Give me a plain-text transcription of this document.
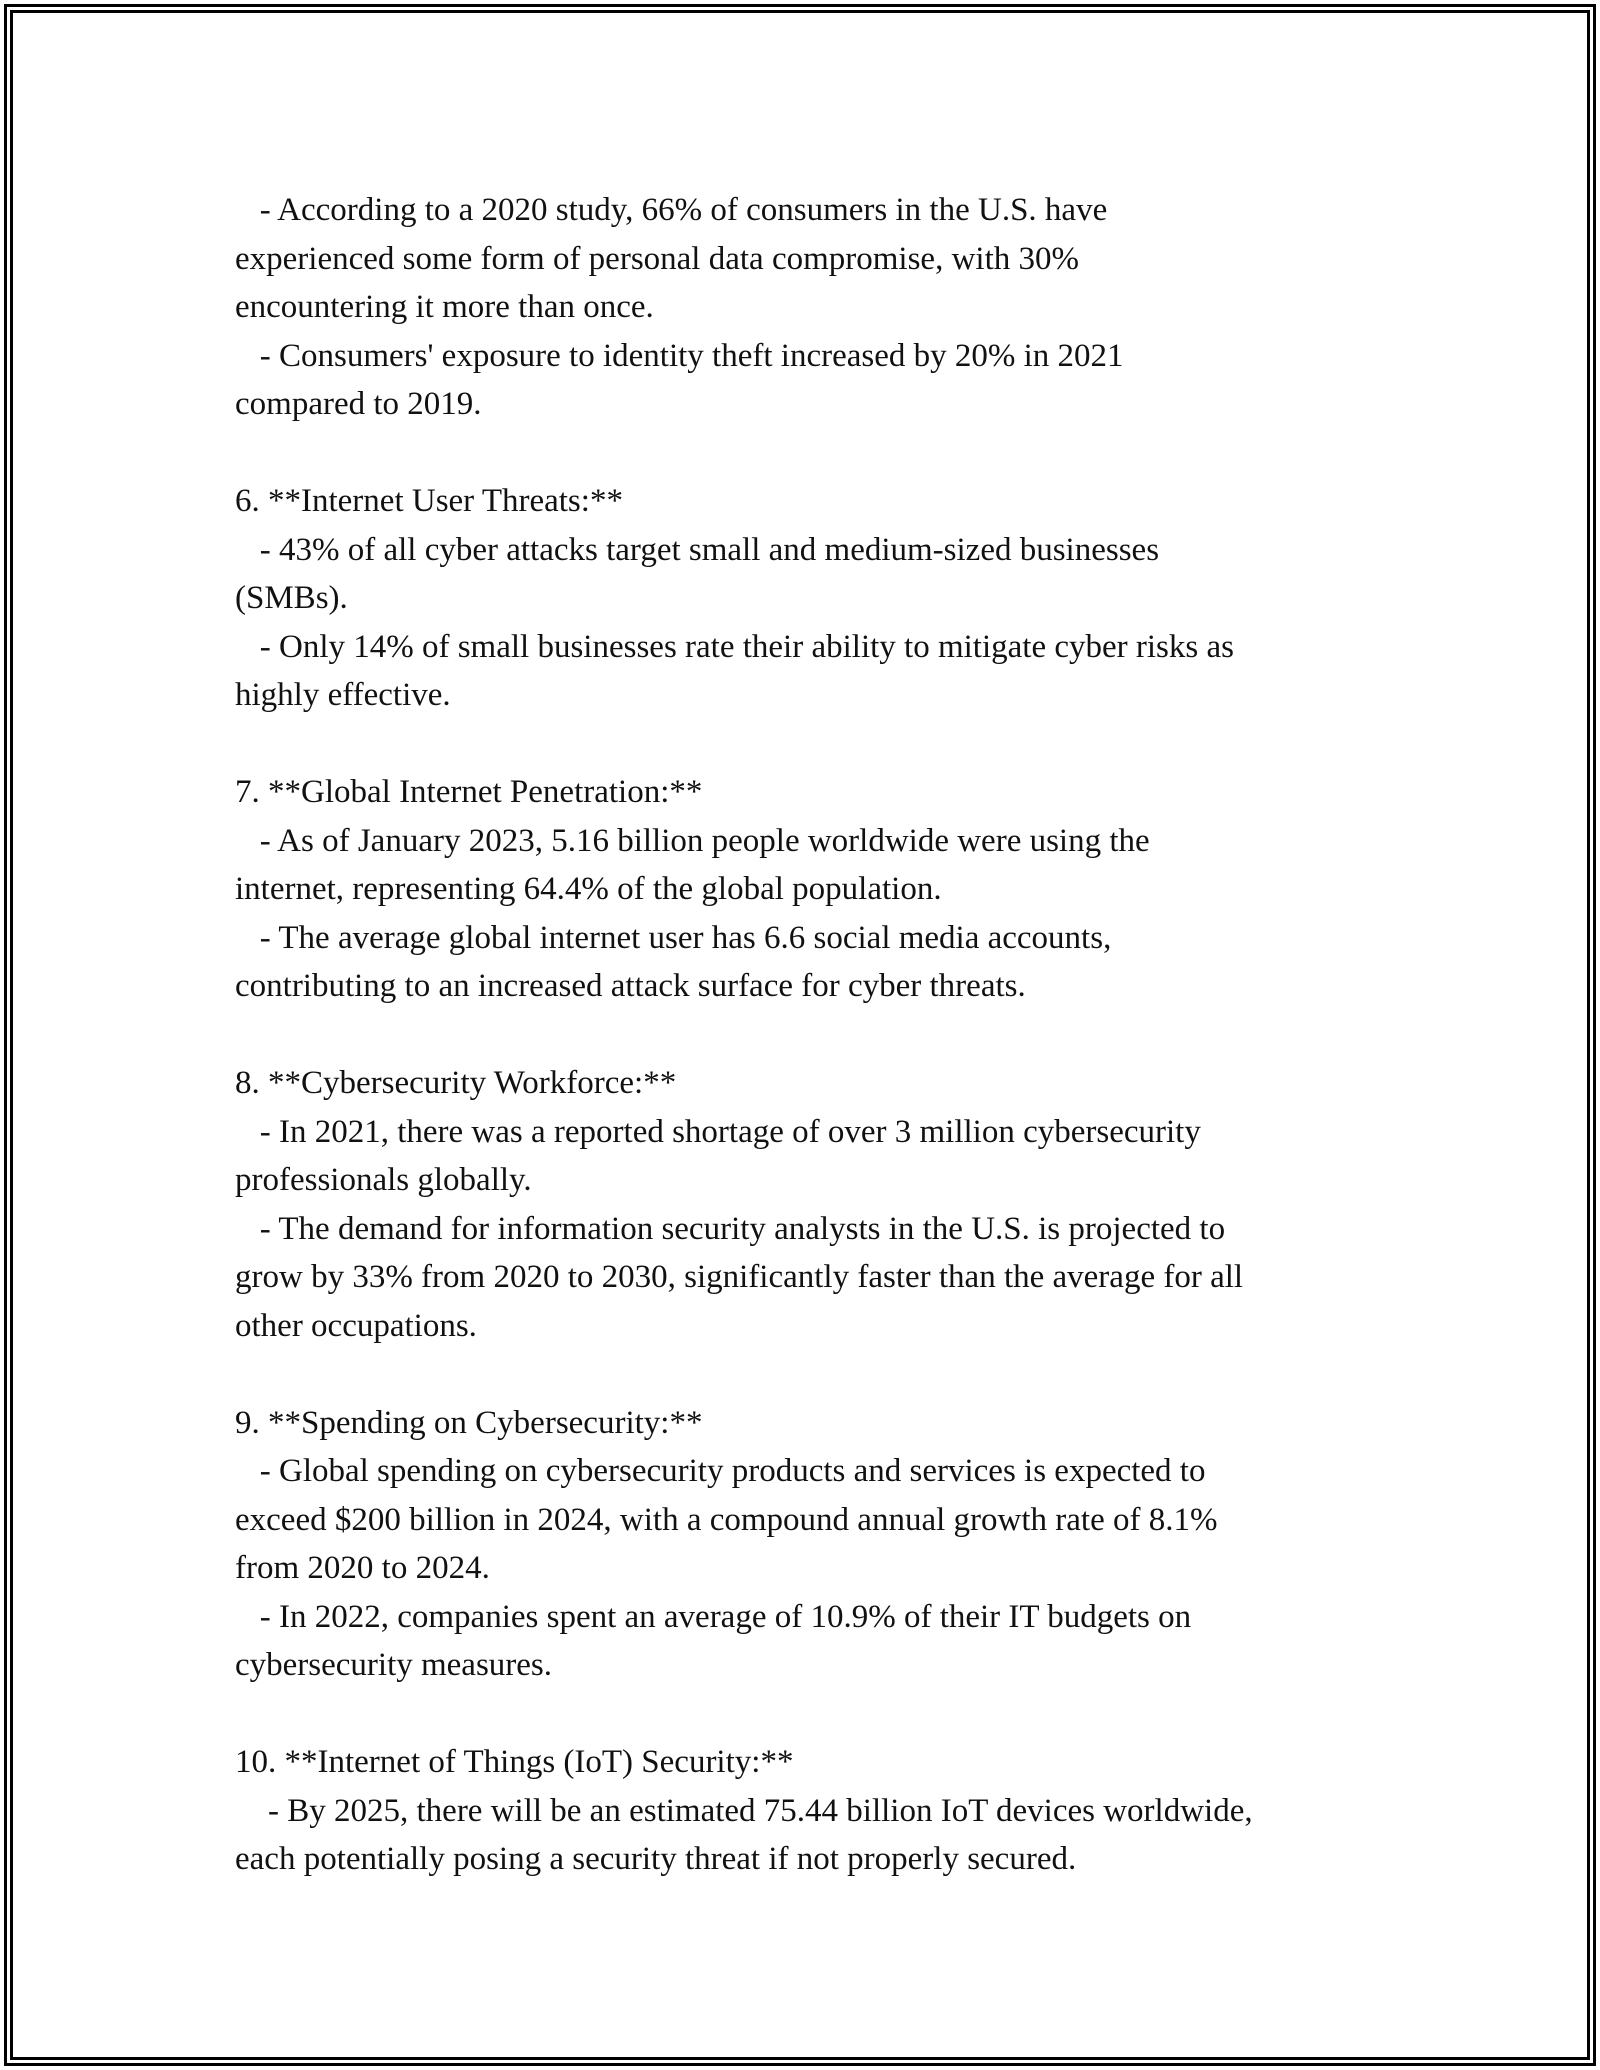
- According to a 2020 study, 66% of consumers in the U.S. have
experienced some form of personal data compromise, with 30%
encountering it more than once.
- Consumers' exposure to identity theft increased by 20% in 2021
compared to 2019.
6. **Internet User Threats:**
- 43% of all cyber attacks target small and medium-sized businesses
(SMBs).
- Only 14% of small businesses rate their ability to mitigate cyber risks as
highly effective.
7. **Global Internet Penetration:**
- As of January 2023, 5.16 billion people worldwide were using the
internet, representing 64.4% of the global population.
- The average global internet user has 6.6 social media accounts,
contributing to an increased attack surface for cyber threats.
8. **Cybersecurity Workforce:**
- In 2021, there was a reported shortage of over 3 million cybersecurity
professionals globally.
- The demand for information security analysts in the U.S. is projected to
grow by 33% from 2020 to 2030, significantly faster than the average for all
other occupations.
9. **Spending on Cybersecurity:**
- Global spending on cybersecurity products and services is expected to
exceed $200 billion in 2024, with a compound annual growth rate of 8.1%
from 2020 to 2024.
- In 2022, companies spent an average of 10.9% of their IT budgets on
cybersecurity measures.
10. **Internet of Things (IoT) Security:**
- By 2025, there will be an estimated 75.44 billion IoT devices worldwide,
each potentially posing a security threat if not properly secured.
